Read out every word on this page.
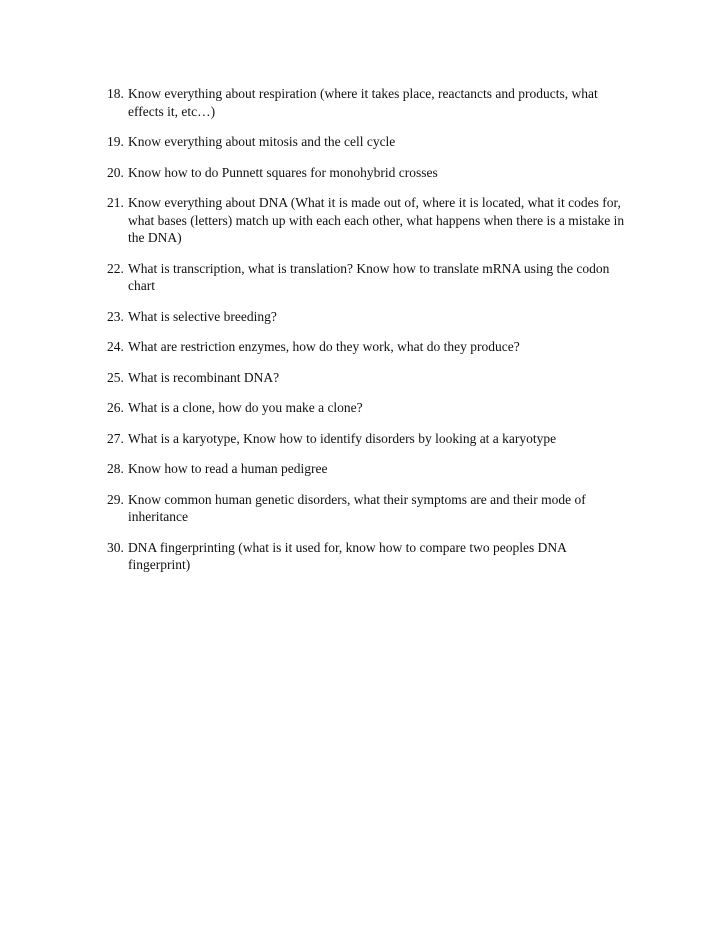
18. Know everything about respiration (where it takes place, reactancts and products, what effects it, etc…)
19. Know everything about mitosis and the cell cycle
20. Know how to do Punnett squares for monohybrid crosses
21. Know everything about DNA (What it is made out of, where it is located, what it codes for, what bases (letters) match up with each each other, what happens when there is a mistake in the DNA)
22. What is transcription, what is translation? Know how to translate mRNA using the codon chart
23. What is selective breeding?
24. What are restriction enzymes, how do they work, what do they produce?
25. What is recombinant DNA?
26. What is a clone, how do you make a clone?
27. What is a karyotype, Know how to identify disorders by looking at a karyotype
28. Know how to read a human pedigree
29. Know common human genetic disorders, what their symptoms are and their mode of inheritance
30. DNA fingerprinting (what is it used for, know how to compare two peoples DNA fingerprint)
